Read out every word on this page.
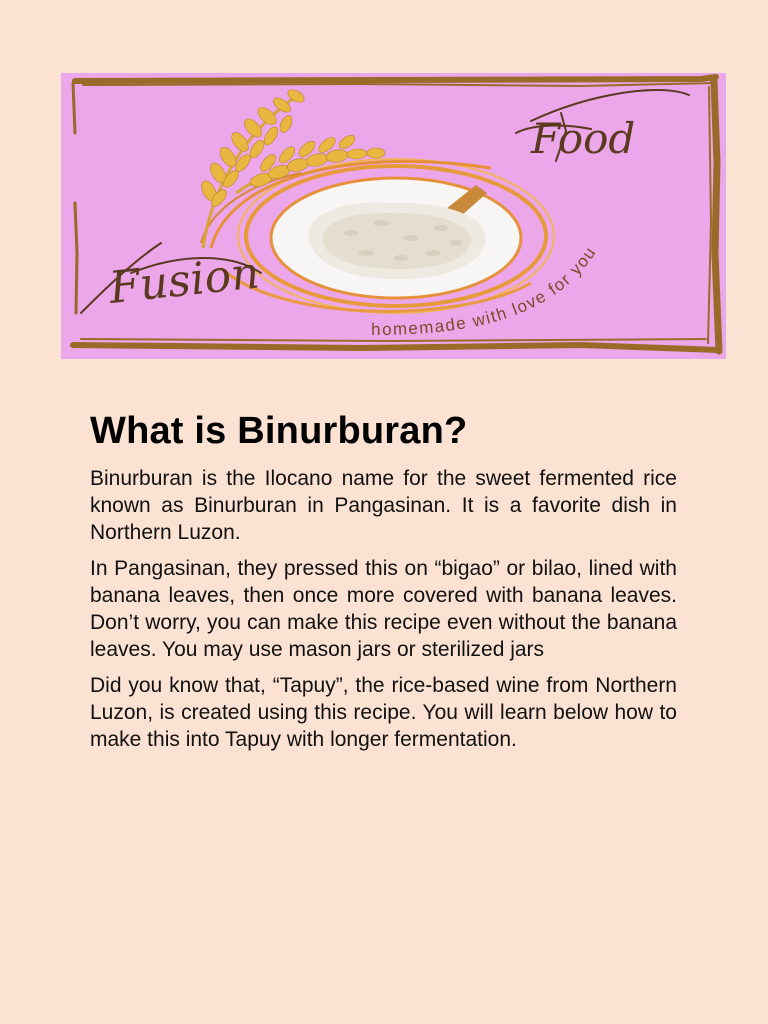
Food
Fusion
homemade with love for you
What is Binurburan?

Binurburan is the Ilocano name for the sweet fermented rice known as Binurburan in Pangasinan. It is a favorite dish in Northern Luzon.

In Pangasinan, they pressed this on “bigao” or bilao, lined with banana leaves, then once more covered with banana leaves. Don’t worry, you can make this recipe even without the banana leaves. You may use mason jars or sterilized jars

Did you know that, “Tapuy”, the rice-based wine from Northern Luzon, is created using this recipe. You will learn below how to make this into Tapuy with longer fermentation.
